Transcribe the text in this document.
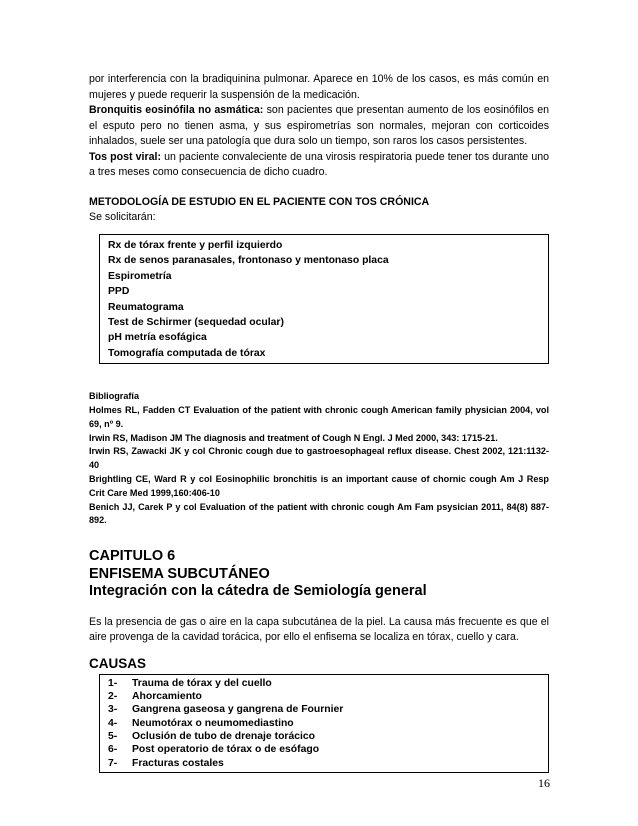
por interferencia con la bradiquinina pulmonar. Aparece en 10% de los casos, es más común en mujeres y puede requerir la suspensión de la medicación.

Bronquitis eosinófila no asmática: son pacientes que presentan aumento de los eosinófilos en el esputo pero no tienen asma, y sus espirometrías son normales, mejoran con corticoides inhalados, suele ser una patología que dura solo un tiempo, son raros los casos persistentes.

Tos post viral: un paciente convaleciente de una virosis respiratoria puede tener tos durante uno a tres meses como consecuencia de dicho cuadro.

METODOLOGÍA DE ESTUDIO EN EL PACIENTE CON TOS CRÓNICA

Se solicitarán:

Rx de tórax frente y perfil izquierdo
Rx de senos paranasales, frontonaso y mentonaso placa
Espirometría
PPD
Reumatograma
Test de Schirmer (sequedad ocular)
pH metría esofágica
Tomografía computada de tórax

Bibliografía

Holmes RL, Fadden CT Evaluation of the patient with chronic cough American family physician 2004, vol 69, nº 9.

Irwin RS, Madison JM The diagnosis and treatment of Cough N Engl. J Med 2000, 343: 1715-21.

Irwin RS, Zawacki JK y col Chronic cough due to gastroesophageal reflux disease. Chest 2002, 121:1132-40

Brightling CE, Ward R y col Eosinophilic bronchitis is an important cause of chornic cough Am J Resp Crit Care Med 1999,160:406-10

Benich JJ, Carek P y col Evaluation of the patient with chronic cough Am Fam psysician 2011, 84(8) 887-892.

CAPITULO 6
ENFISEMA SUBCUTÁNEO
Integración con la cátedra de Semiología general

Es la presencia de gas o aire en la capa subcutánea de la piel. La causa más frecuente es que el aire provenga de la cavidad torácica, por ello el enfisema se localiza en tórax, cuello y cara.

CAUSAS
1- Trauma de tórax y del cuello
2- Ahorcamiento
3- Gangrena gaseosa y gangrena de Fournier
4- Neumotórax o neumomediastino
5- Oclusión de tubo de drenaje torácico
6- Post operatorio de tórax o de esófago
7- Fracturas costales
16
